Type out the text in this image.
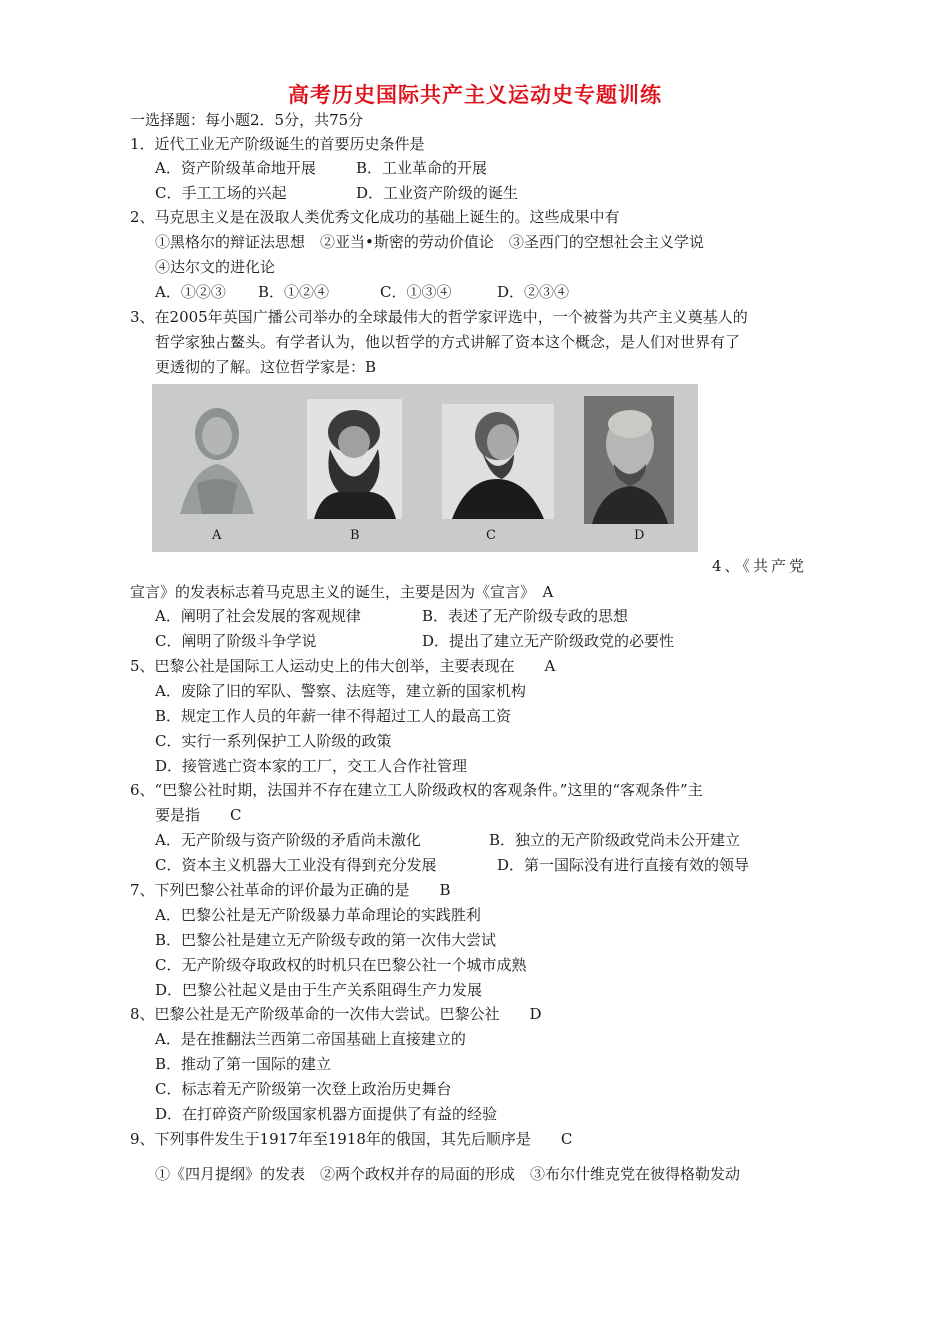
高考历史国际共产主义运动史专题训练
一选择题：每小题2．5分，共75分
1．近代工业无产阶级诞生的首要历史条件是
A．资产阶级革命地开展	B．工业革命的开展
C．手工工场的兴起	D．工业资产阶级的诞生
2、马克思主义是在汲取人类优秀文化成功的基础上诞生的。这些成果中有
①黑格尔的辩证法思想　②亚当•斯密的劳动价值论　③圣西门的空想社会主义学说
④达尔文的进化论
A．①②③ B．①②④	C．①③④	D．②③④
3、在2005年英国广播公司举办的全球最伟大的哲学家评选中，一个被誉为共产主义奠基人的
哲学家独占鳌头。有学者认为，他以哲学的方式讲解了资本这个概念，是人们对世界有了
更透彻的了解。这位哲学家是：B
A	B	C	D
4、《共产党
宣言》的发表标志着马克思主义的诞生，主要是因为《宣言》　A
A．阐明了社会发展的客观规律	B．表述了无产阶级专政的思想
C．阐明了阶级斗争学说	D．提出了建立无产阶级政党的必要性
5、巴黎公社是国际工人运动史上的伟大创举，主要表现在　　A
A．废除了旧的军队、警察、法庭等，建立新的国家机构
B．规定工作人员的年薪一律不得超过工人的最高工资
C．实行一系列保护工人阶级的政策
D．接管逃亡资本家的工厂，交工人合作社管理
6、“巴黎公社时期，法国并不存在建立工人阶级政权的客观条件。”这里的“客观条件”主
要是指　　C
A．无产阶级与资产阶级的矛盾尚未激化	B．独立的无产阶级政党尚未公开建立
C．资本主义机器大工业没有得到充分发展	D．第一国际没有进行直接有效的领导
7、下列巴黎公社革命的评价最为正确的是　　B
A．巴黎公社是无产阶级暴力革命理论的实践胜利
B．巴黎公社是建立无产阶级专政的第一次伟大尝试
C．无产阶级夺取政权的时机只在巴黎公社一个城市成熟
D．巴黎公社起义是由于生产关系阻碍生产力发展
8、巴黎公社是无产阶级革命的一次伟大尝试。巴黎公社　　D
A．是在推翻法兰西第二帝国基础上直接建立的
B．推动了第一国际的建立
C．标志着无产阶级第一次登上政治历史舞台
D．在打碎资产阶级国家机器方面提供了有益的经验
9、下列事件发生于1917年至1918年的俄国，其先后顺序是　　C
①《四月提纲》的发表　②两个政权并存的局面的形成　③布尔什维克党在彼得格勒发动
